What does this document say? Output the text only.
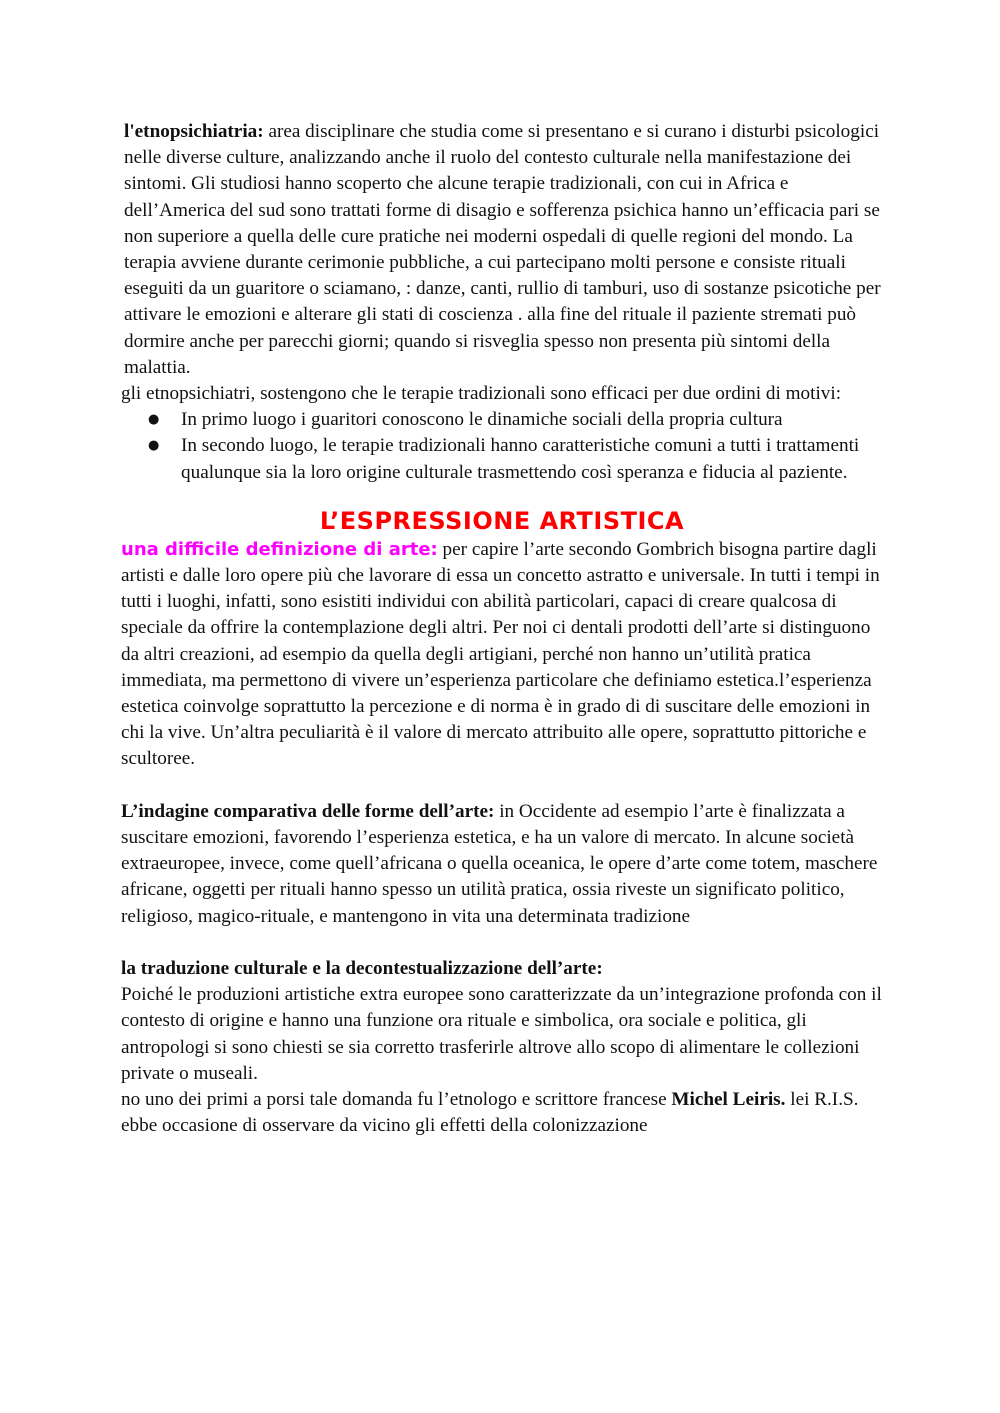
l'etnopsichiatria: area disciplinare che studia come si presentano e si curano i disturbi psicologici nelle diverse culture, analizzando anche il ruolo del contesto culturale nella manifestazione dei sintomi. Gli studiosi hanno scoperto che alcune terapie tradizionali, con cui in Africa e dell’America del sud sono trattati forme di disagio e sofferenza psichica hanno un’efficacia pari se non superiore a quella delle cure pratiche nei moderni ospedali di quelle regioni del mondo. La terapia avviene durante cerimonie pubbliche, a cui partecipano molti persone e consiste rituali eseguiti da un guaritore o sciamano, : danze, canti, rullio di tamburi, uso di sostanze psicotiche per attivare le emozioni e alterare gli stati di coscienza . alla fine del rituale il paziente stremati può dormire anche per parecchi giorni; quando si risveglia spesso non presenta più sintomi della malattia.

gli etnopsichiatri, sostengono che le terapie tradizionali sono efficaci per due ordini di motivi:

● In primo luogo i guaritori conoscono le dinamiche sociali della propria cultura
● In secondo luogo, le terapie tradizionali hanno caratteristiche comuni a tutti i trattamenti qualunque sia la loro origine culturale trasmettendo così speranza e fiducia al paziente.
L’ESPRESSIONE ARTISTICA

una difficile definizione di arte: per capire l’arte secondo Gombrich bisogna partire dagli artisti e dalle loro opere più che lavorare di essa un concetto astratto e universale. In tutti i tempi in tutti i luoghi, infatti, sono esistiti individui con abilità particolari, capaci di creare qualcosa di speciale da offrire la contemplazione degli altri. Per noi ci dentali prodotti dell’arte si distinguono da altri creazioni, ad esempio da quella degli artigiani, perché non hanno un’utilità pratica immediata, ma permettono di vivere un’esperienza particolare che definiamo estetica.l’esperienza estetica coinvolge soprattutto la percezione e di norma è in grado di di suscitare delle emozioni in chi la vive. Un’altra peculiarità è il valore di mercato attribuito alle opere, soprattutto pittoriche e scultoree.

L’indagine comparativa delle forme dell’arte: in Occidente ad esempio l’arte è finalizzata a suscitare emozioni, favorendo l’esperienza estetica, e ha un valore di mercato. In alcune società extraeuropee, invece, come quell’africana o quella oceanica, le opere d’arte come totem, maschere africane, oggetti per rituali hanno spesso un utilità pratica, ossia riveste un significato politico, religioso, magico-rituale, e mantengono in vita una determinata tradizione

la traduzione culturale e la decontestualizzazione dell’arte:

Poiché le produzioni artistiche extra europee sono caratterizzate da un’integrazione profonda con il contesto di origine e hanno una funzione ora rituale e simbolica, ora sociale e politica, gli antropologi si sono chiesti se sia corretto trasferirle altrove allo scopo di alimentare le collezioni private o museali.

no uno dei primi a porsi tale domanda fu l’etnologo e scrittore francese Michel Leiris. lei R.I.S. ebbe occasione di osservare da vicino gli effetti della colonizzazione
